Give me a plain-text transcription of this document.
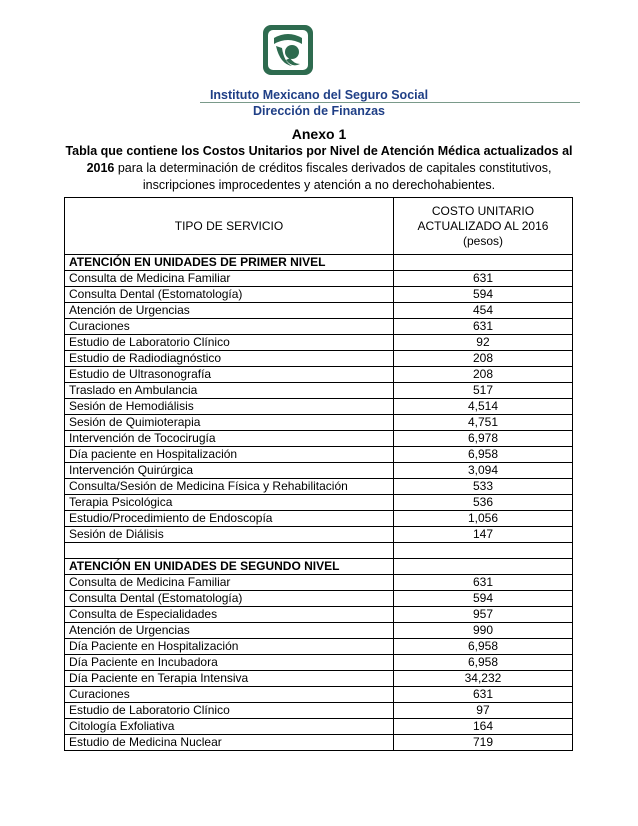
Instituto Mexicano del Seguro Social
Dirección de Finanzas
Anexo 1
Tabla que contiene los Costos Unitarios por Nivel de Atención Médica actualizados al 2016 para la determinación de créditos fiscales derivados de capitales constitutivos, inscripciones improcedentes y atención a no derechohabientes.
TIPO DE SERVICIO	COSTO UNITARIO
ACTUALIZADO AL 2016
(pesos)

ATENCIÓN EN UNIDADES DE PRIMER NIVEL	
Consulta de Medicina Familiar	631
Consulta Dental (Estomatología)	594
Atención de Urgencias	454
Curaciones	631
Estudio de Laboratorio Clínico	92
Estudio de Radiodiagnóstico	208
Estudio de Ultrasonografía	208
Traslado en Ambulancia	517
Sesión de Hemodiálisis	4,514
Sesión de Quimioterapia	4,751
Intervención de Tococirugía	6,978
Día paciente en Hospitalización	6,958
Intervención Quirúrgica	3,094
Consulta/Sesión de Medicina Física y Rehabilitación	533
Terapia Psicológica	536
Estudio/Procedimiento de Endoscopía	1,056
Sesión de Diálisis	147

ATENCIÓN EN UNIDADES DE SEGUNDO NIVEL	
Consulta de Medicina Familiar	631
Consulta Dental (Estomatología)	594
Consulta de Especialidades	957
Atención de Urgencias	990
Día Paciente en Hospitalización	6,958
Día Paciente en Incubadora	6,958
Día Paciente en Terapia Intensiva	34,232
Curaciones	631
Estudio de Laboratorio Clínico	97
Citología Exfoliativa	164
Estudio de Medicina Nuclear	719
